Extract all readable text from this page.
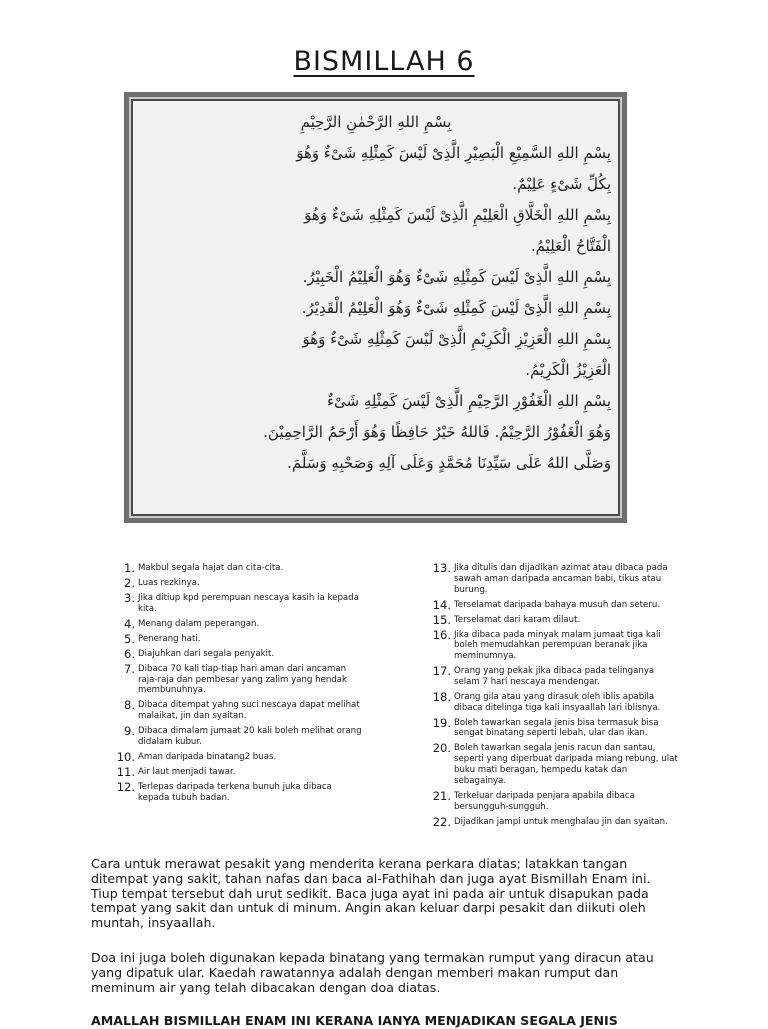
BISMILLAH 6
بِسْمِ اللهِ الرَّحْمٰنِ الرَّحِيْمِ
بِسْمِ اللهِ السَّمِيْعِ الْبَصِيْرِ الَّذِىْ لَيْسَ كَمِثْلِهِ شَىْءٌ وَهُوَ
بِكُلِّ شَىْءٍ عَلِيْمٌ.
بِسْمِ اللهِ الْخَلَّاقِ الْعَلِيْمِ الَّذِىْ لَيْسَ كَمِثْلِهِ شَىْءٌ وَهُوَ
الْفَتَّاحُ الْعَلِيْمُ.
بِسْمِ اللهِ الَّذِىْ لَيْسَ كَمِثْلِهِ شَىْءٌ وَهُوَ الْعَلِيْمُ الْخَبِيْرُ.
بِسْمِ اللهِ الَّذِىْ لَيْسَ كَمِثْلِهِ شَىْءٌ وَهُوَ الْعَلِيْمُ الْقَدِيْرُ.
بِسْمِ اللهِ الْعَزِيْزِ الْكَرِيْمِ الَّذِىْ لَيْسَ كَمِثْلِهِ شَىْءٌ وَهُوَ
الْعَزِيْزُ الْكَرِيْمُ.
بِسْمِ اللهِ الْغَفُوْرِ الرَّحِيْمِ الَّذِىْ لَيْسَ كَمِثْلِهِ شَىْءٌ
وَهُوَ الْغَفُوْرُ الرَّحِيْمُ. فَاللهُ خَيْرٌ حَافِظًا وَهُوَ أَرْحَمُ الرَّاحِمِيْنَ.
وَصَلَّى اللهُ عَلَى سَيِّدِنَا مُحَمَّدٍ وَعَلَى آلِهِ وَصَحْبِهِ وَسَلَّمَ.
1. Makbul segala hajat dan cita-cita.
2. Luas rezkinya.
3. Jika ditiup kpd perempuan nescaya kasih ia kepada kita.
4. Menang dalam peperangan.
5. Penerang hati.
6. Diajuhkan dari segala penyakit.
7. Dibaca 70 kali tiap-tiap hari aman dari ancaman raja-raja dan pembesar yang zalim yang hendak membunuhnya.
8. Dibaca ditempat yahng suci nescaya dapat melihat malaikat, jin dan syaitan.
9. Dibaca dimalam jumaat 20 kali boleh melihat orang didalam kubur.
10. Aman daripada binatang2 buas.
11. Air laut menjadi tawar.
12. Terlepas daripada terkena bunuh juka dibaca kepada tubuh badan.
13. Jika ditulis dan dijadikan azimat atau dibaca pada sawah aman daripada ancaman babi, tikus atau burung.
14. Terselamat daripada bahaya musuh dan seteru.
15. Terselamat dari karam dilaut.
16. Jika dibaca pada minyak malam jumaat tiga kali boleh memudahkan perempuan beranak jika meminumnya.
17. Orang yang pekak jika dibaca pada telinganya selam 7 hari nescaya mendengar.
18. Orang gila atau yang dirasuk oleh iblis apabila dibaca ditelinga tiga kali insyaallah lari iblisnya.
19. Boleh tawarkan segala jenis bisa termasuk bisa sengat binatang seperti lebah, ular dan ikan.
20. Boleh tawarkan segala jenis racun dan santau, seperti yang diperbuat daripada miang rebung, ulat buku mati beragan, hempedu katak dan sebagainya.
21. Terkeluar daripada penjara apabila dibaca bersungguh-sungguh.
22. Dijadikan jampi untuk menghalau jin dan syaitan.
Cara untuk merawat pesakit yang menderita kerana perkara diatas; latakkan tangan ditempat yang sakit, tahan nafas dan baca al-Fathihah dan juga ayat Bismillah Enam ini. Tiup tempat tersebut dah urut sedikit. Baca juga ayat ini pada air untuk disapukan pada tempat yang sakit dan untuk di minum. Angin akan keluar darpi pesakit dan diikuti oleh muntah, insyaallah.
Doa ini juga boleh digunakan kepada binatang yang termakan rumput yang diracun atau yang dipatuk ular. Kaedah rawatannya adalah dengan memberi makan rumput dan meminum air yang telah dibacakan dengan doa diatas.
AMALLAH BISMILLAH ENAM INI KERANA IANYA MENJADIKAN SEGALA JENIS
